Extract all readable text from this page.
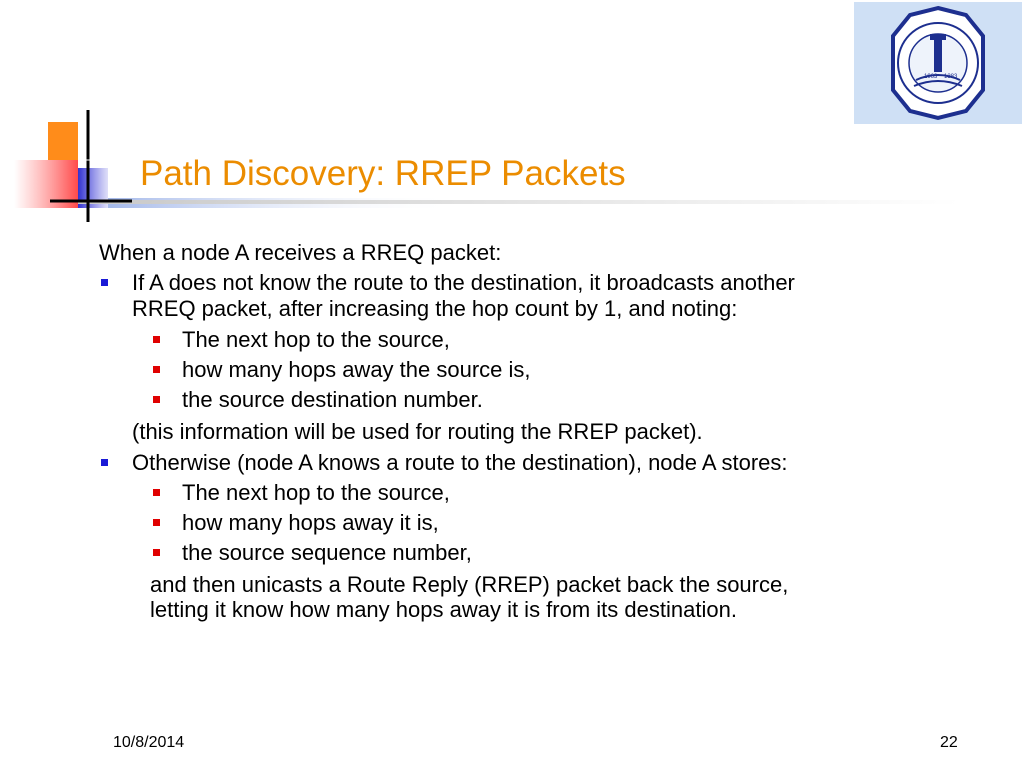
1963 1383
Path Discovery: RREP Packets
When a node A receives a RREQ packet:
If A does not know the route to the destination, it broadcasts another
RREQ packet, after increasing the hop count by 1, and noting:
The next hop to the source,
how many hops away the source is,
the source destination number.
(this information will be used for routing the RREP packet).
Otherwise (node A knows a route to the destination), node A stores:
The next hop to the source,
how many hops away it is,
the source sequence number,
and then unicasts a Route Reply (RREP) packet back the source,
letting it know how many hops away it is from its destination.
10/8/2014	22
